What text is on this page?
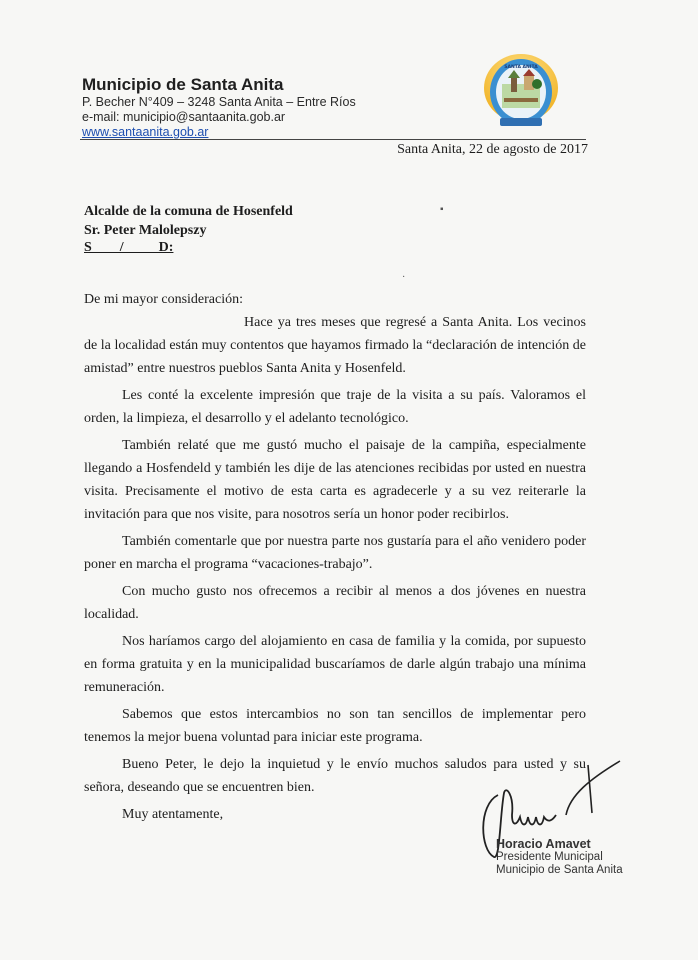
Municipio de Santa Anita
P. Becher N°409 – 3248 Santa Anita – Entre Ríos
e-mail: municipio@santaanita.gob.ar
www.santaanita.gob.ar
SANTA ANITA
Santa Anita, 22 de agosto de 2017
Alcalde de la comuna de Hosenfeld
Sr. Peter Malolepszy
S        /          D:

De mi mayor consideración:

Hace ya tres meses que regresé a Santa Anita. Los vecinos de la localidad están muy contentos que hayamos firmado la “declaración de intención de amistad” entre nuestros pueblos Santa Anita y Hosenfeld.

Les conté la excelente impresión que traje de la visita a su país. Valoramos el orden, la limpieza, el desarrollo y el adelanto tecnológico.

También relaté que me gustó mucho el paisaje de la campiña, especialmente llegando a Hosfendeld y también les dije de las atenciones recibidas por usted en nuestra visita. Precisamente el motivo de esta carta es agradecerle y a su vez reiterarle la invitación para que nos visite, para nosotros sería un honor poder recibirlos.

También comentarle que por nuestra parte nos gustaría para el año venidero poder poner en marcha el programa “vacaciones-trabajo”.

Con mucho gusto nos ofrecemos a recibir al menos a dos jóvenes en nuestra localidad.

Nos haríamos cargo del alojamiento en casa de familia y la comida, por supuesto en forma gratuita y en la municipalidad buscaríamos de darle algún trabajo una mínima remuneración.

Sabemos que estos intercambios no son tan sencillos de implementar pero tenemos la mejor buena voluntad para iniciar este programa.

Bueno Peter, le dejo la inquietud y le envío muchos saludos para usted y su señora, deseando que se encuentren bien.

Muy atentamente,

Horacio Amavet
Presidente Municipal
Municipio de Santa Anita
▪
·
